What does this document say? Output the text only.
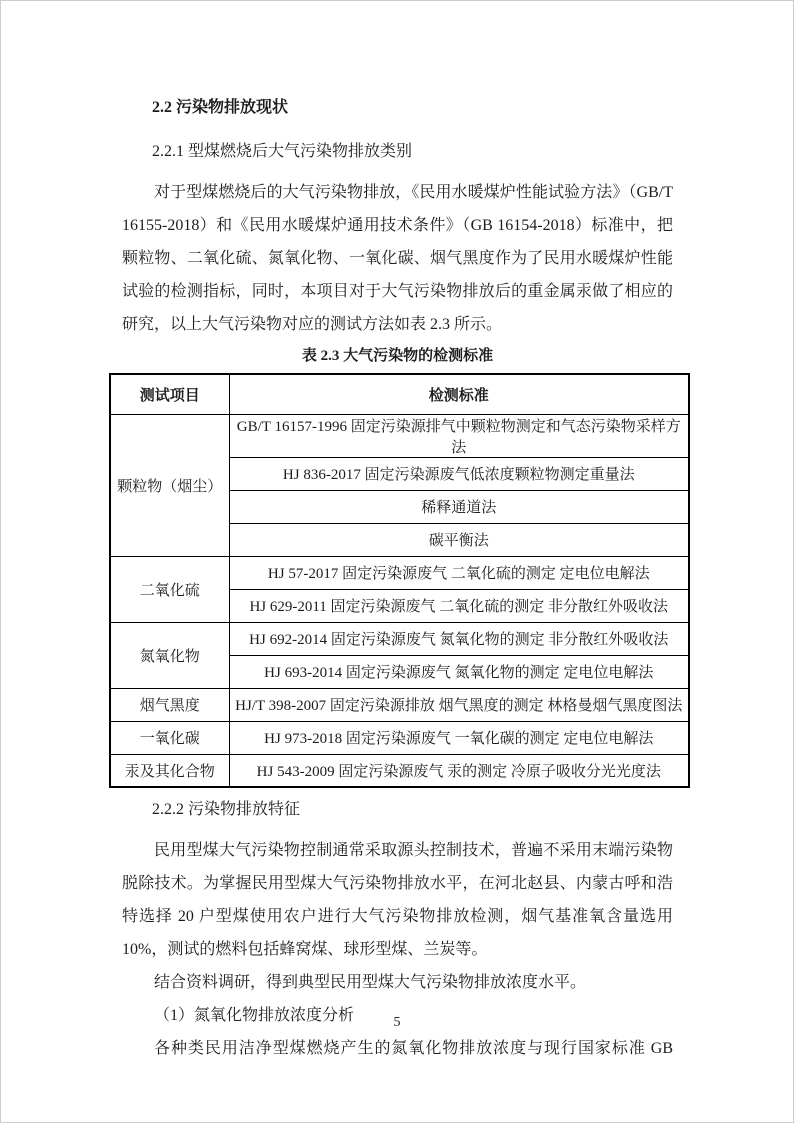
2.2 污染物排放现状
2.2.1 型煤燃烧后大气污染物排放类别

对于型煤燃烧后的大气污染物排放，《民用水暖煤炉性能试验方法》（GB/T 16155-2018）和《民用水暖煤炉通用技术条件》（GB 16154-2018）标准中，把颗粒物、二氧化硫、氮氧化物、一氧化碳、烟气黑度作为了民用水暖煤炉性能试验的检测指标，同时，本项目对于大气污染物排放后的重金属汞做了相应的研究，以上大气污染物对应的测试方法如表 2.3 所示。

表 2.3 大气污染物的检测标准
测试项目	检测标准
颗粒物（烟尘）	GB/T 16157-1996 固定污染源排气中颗粒物测定和气态污染物采样方法
	HJ 836-2017 固定污染源废气低浓度颗粒物测定重量法
	稀释通道法
	碳平衡法
二氧化硫	HJ 57-2017 固定污染源废气 二氧化硫的测定 定电位电解法
	HJ 629-2011 固定污染源废气 二氧化硫的测定 非分散红外吸收法
氮氧化物	HJ 692-2014 固定污染源废气 氮氧化物的测定 非分散红外吸收法
	HJ 693-2014 固定污染源废气 氮氧化物的测定 定电位电解法
烟气黑度	HJ/T 398-2007 固定污染源排放 烟气黑度的测定 林格曼烟气黑度图法
一氧化碳	HJ 973-2018 固定污染源废气 一氧化碳的测定 定电位电解法
汞及其化合物	HJ 543-2009 固定污染源废气 汞的测定 冷原子吸收分光光度法
2.2.2 污染物排放特征

民用型煤大气污染物控制通常采取源头控制技术，普遍不采用末端污染物脱除技术。为掌握民用型煤大气污染物排放水平，在河北赵县、内蒙古呼和浩特选择 20 户型煤使用农户进行大气污染物排放检测，烟气基准氧含量选用 10%，测试的燃料包括蜂窝煤、球形型煤、兰炭等。

结合资料调研，得到典型民用型煤大气污染物排放浓度水平。

（1）氮氧化物排放浓度分析

各种类民用洁净型煤燃烧产生的氮氧化物排放浓度与现行国家标准 GB

5
